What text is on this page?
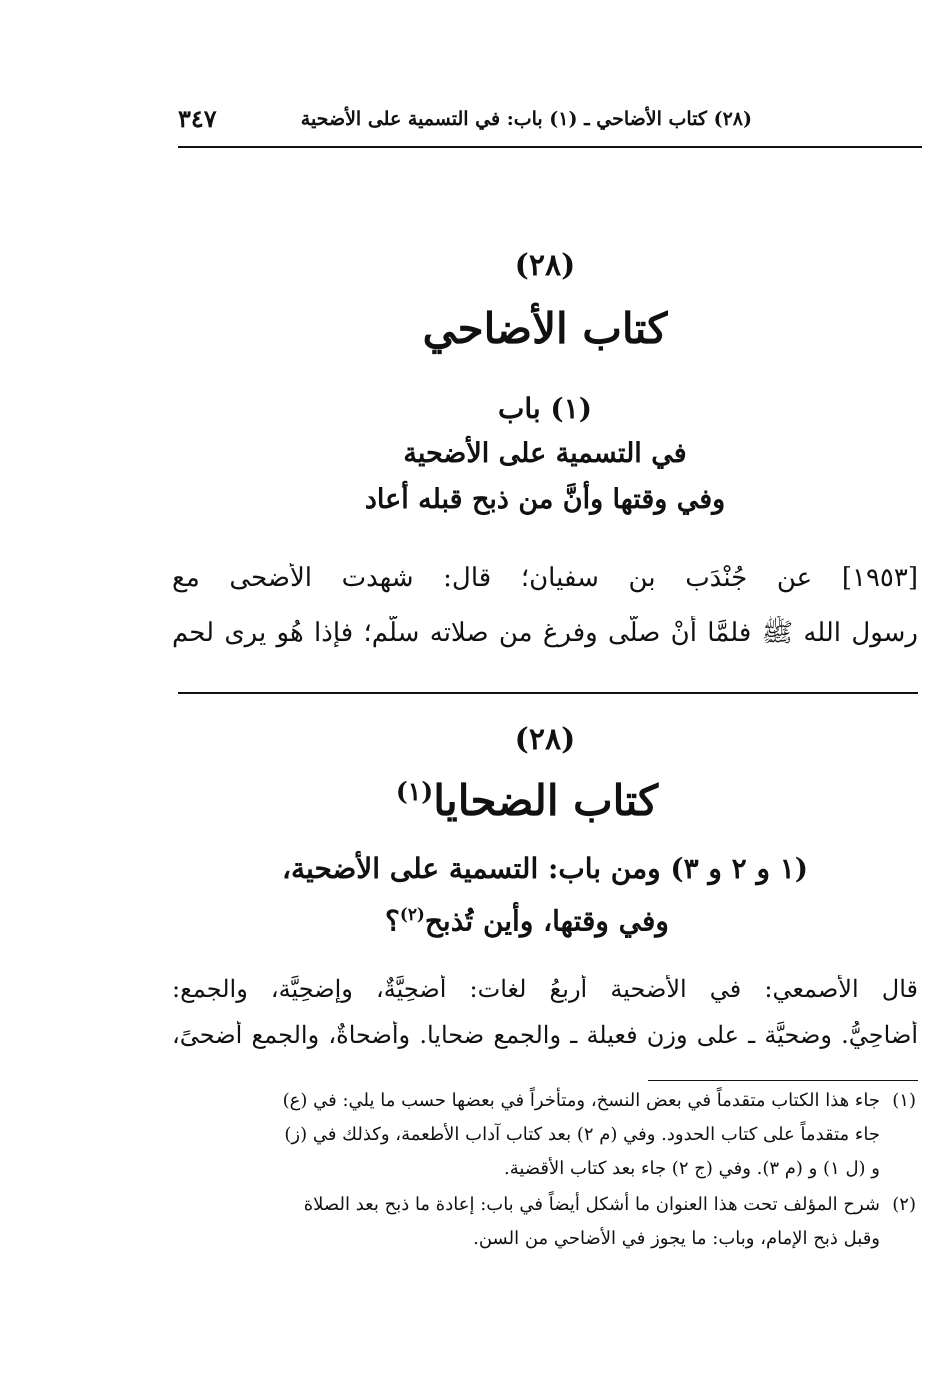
٣٤٧	(٢٨) كتاب الأضاحي ـ (١) باب: في التسمية على الأضحية
(٢٨)
كتاب الأضاحي
(١) باب
في التسمية على الأضحية
وفي وقتها وأنَّ من ذبح قبله أعاد
[١٩٥٣] عن جُنْدَب بن سفيان؛ قال: شهدت الأضحى مع
رسول الله ﷺ فلمَّا أنْ صلَّى وفرغ من صلاته سلَّم؛ فإذا هُو يرى لحم
(٢٨)
كتاب الضحايا$^{(١)}$
(١ و ٢ و ٣) ومن باب: التسمية على الأضحية،
وفي وقتها، وأين تُذبح$^{(٢)}$؟
قال الأصمعي: في الأضحية أربعُ لغات: أُضحِيَّةٌ، وإِضحِيَّة، والجمع:
أضاحِيُّ. وضحيَّة ـ على وزن فعيلة ـ والجمع ضحايا. وأَضحاةٌ، والجمع أضحىً،
(١)جاء هذا الكتاب متقدماً في بعض النسخ، ومتأخراً في بعضها حسب ما يلي: في (ع)
جاء متقدماً على كتاب الحدود. وفي (م ٢) بعد كتاب آداب الأطعمة، وكذلك في (ز)
و (ل ١) و (م ٣). وفي (ج ٢) جاء بعد كتاب الأقضية.
(٢)شرح المؤلف تحت هذا العنوان ما أشكل أيضاً في باب: إعادة ما ذبح بعد الصلاة
وقبل ذبح الإمام، وباب: ما يجوز في الأضاحي من السن.
